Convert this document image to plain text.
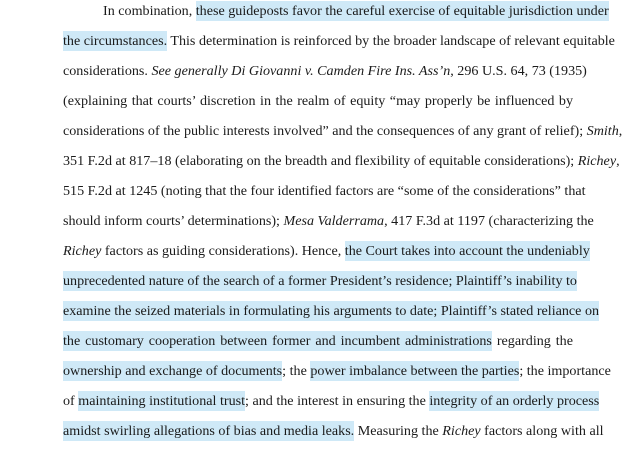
In combination, these guideposts favor the careful exercise of equitable jurisdiction under
the circumstances. This determination is reinforced by the broader landscape of relevant equitable
considerations. See generally Di Giovanni v. Camden Fire Ins. Ass’n, 296 U.S. 64, 73 (1935)
(explaining that courts’ discretion in the realm of equity “may properly be influenced by
considerations of the public interests involved” and the consequences of any grant of relief); Smith,
351 F.2d at 817–18 (elaborating on the breadth and flexibility of equitable considerations); Richey,
515 F.2d at 1245 (noting that the four identified factors are “some of the considerations” that
should inform courts’ determinations); Mesa Valderrama, 417 F.3d at 1197 (characterizing the
Richey factors as guiding considerations). Hence, the Court takes into account the undeniably
unprecedented nature of the search of a former President’s residence; Plaintiff’s inability to
examine the seized materials in formulating his arguments to date; Plaintiff’s stated reliance on
the customary cooperation between former and incumbent administrations regarding the
ownership and exchange of documents; the power imbalance between the parties; the importance
of maintaining institutional trust; and the interest in ensuring the integrity of an orderly process
amidst swirling allegations of bias and media leaks. Measuring the Richey factors along with all
